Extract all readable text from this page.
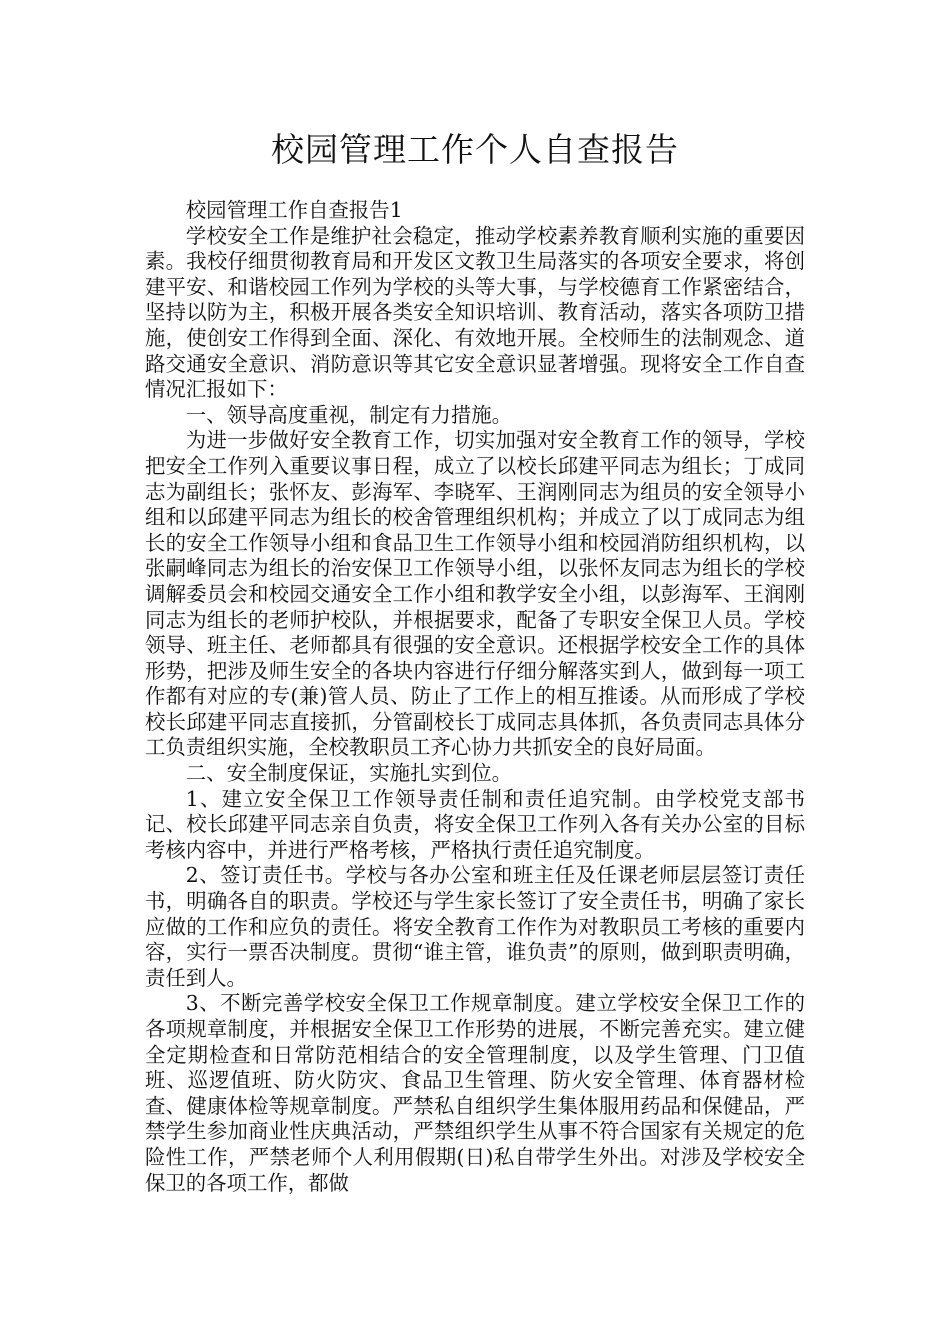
校园管理工作个人自查报告

校园管理工作自查报告1

学校安全工作是维护社会稳定，推动学校素养教育顺利实施的重要因素。我校仔细贯彻教育局和开发区文教卫生局落实的各项安全要求，将创建平安、和谐校园工作列为学校的头等大事，与学校德育工作紧密结合，坚持以防为主，积极开展各类安全知识培训、教育活动，落实各项防卫措施，使创安工作得到全面、深化、有效地开展。全校师生的法制观念、道路交通安全意识、消防意识等其它安全意识显著增强。现将安全工作自查情况汇报如下：

一、领导高度重视，制定有力措施。

为进一步做好安全教育工作，切实加强对安全教育工作的领导，学校把安全工作列入重要议事日程，成立了以校长邱建平同志为组长；丁成同志为副组长；张怀友、彭海军、李晓军、王润刚同志为组员的安全领导小组和以邱建平同志为组长的校舍管理组织机构；并成立了以丁成同志为组长的安全工作领导小组和食品卫生工作领导小组和校园消防组织机构，以张嗣峰同志为组长的治安保卫工作领导小组，以张怀友同志为组长的学校调解委员会和校园交通安全工作小组和教学安全小组，以彭海军、王润刚同志为组长的老师护校队，并根据要求，配备了专职安全保卫人员。学校领导、班主任、老师都具有很强的安全意识。还根据学校安全工作的具体形势，把涉及师生安全的各块内容进行仔细分解落实到人，做到每一项工作都有对应的专(兼)管人员、防止了工作上的相互推诿。从而形成了学校校长邱建平同志直接抓，分管副校长丁成同志具体抓，各负责同志具体分工负责组织实施，全校教职员工齐心协力共抓安全的良好局面。

二、安全制度保证，实施扎实到位。

1、建立安全保卫工作领导责任制和责任追究制。由学校党支部书记、校长邱建平同志亲自负责，将安全保卫工作列入各有关办公室的目标考核内容中，并进行严格考核，严格执行责任追究制度。

2、签订责任书。学校与各办公室和班主任及任课老师层层签订责任书，明确各自的职责。学校还与学生家长签订了安全责任书，明确了家长应做的工作和应负的责任。将安全教育工作作为对教职员工考核的重要内容，实行一票否决制度。贯彻“谁主管，谁负责”的原则，做到职责明确，责任到人。

3、不断完善学校安全保卫工作规章制度。建立学校安全保卫工作的各项规章制度，并根据安全保卫工作形势的进展，不断完善充实。建立健全定期检查和日常防范相结合的安全管理制度，以及学生管理、门卫值班、巡逻值班、防火防灾、食品卫生管理、防火安全管理、体育器材检查、健康体检等规章制度。严禁私自组织学生集体服用药品和保健品，严禁学生参加商业性庆典活动，严禁组织学生从事不符合国家有关规定的危险性工作，严禁老师个人利用假期(日)私自带学生外出。对涉及学校安全保卫的各项工作，都做
